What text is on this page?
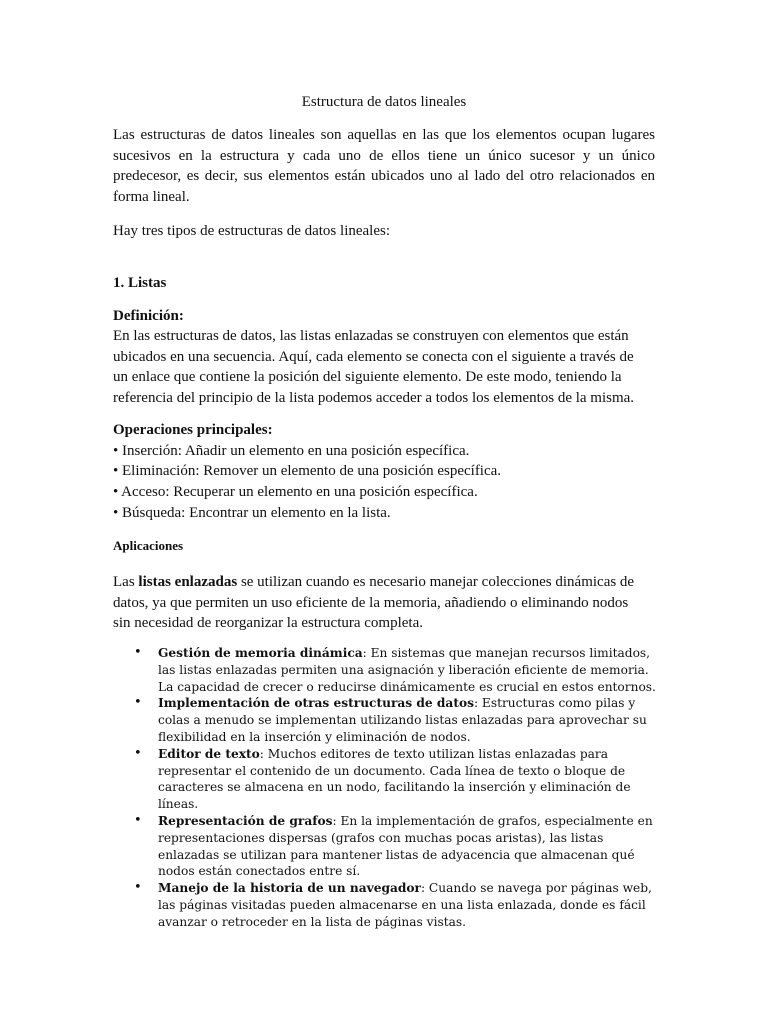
Estructura de datos lineales
Las estructuras de datos lineales son aquellas en las que los elementos ocupan lugares sucesivos en la estructura y cada uno de ellos tiene un único sucesor y un único predecesor, es decir, sus elementos están ubicados uno al lado del otro relacionados en forma lineal.
Hay tres tipos de estructuras de datos lineales:
1. Listas
Definición:
En las estructuras de datos, las listas enlazadas se construyen con elementos que están ubicados en una secuencia. Aquí, cada elemento se conecta con el siguiente a través de un enlace que contiene la posición del siguiente elemento. De este modo, teniendo la referencia del principio de la lista podemos acceder a todos los elementos de la misma.
Operaciones principales:
• Inserción: Añadir un elemento en una posición específica.
• Eliminación: Remover un elemento de una posición específica.
• Acceso: Recuperar un elemento en una posición específica.
• Búsqueda: Encontrar un elemento en la lista.
Aplicaciones
Las listas enlazadas se utilizan cuando es necesario manejar colecciones dinámicas de datos, ya que permiten un uso eficiente de la memoria, añadiendo o eliminando nodos sin necesidad de reorganizar la estructura completa.
• Gestión de memoria dinámica: En sistemas que manejan recursos limitados, las listas enlazadas permiten una asignación y liberación eficiente de memoria. La capacidad de crecer o reducirse dinámicamente es crucial en estos entornos.
• Implementación de otras estructuras de datos: Estructuras como pilas y colas a menudo se implementan utilizando listas enlazadas para aprovechar su flexibilidad en la inserción y eliminación de nodos.
• Editor de texto: Muchos editores de texto utilizan listas enlazadas para representar el contenido de un documento. Cada línea de texto o bloque de caracteres se almacena en un nodo, facilitando la inserción y eliminación de líneas.
• Representación de grafos: En la implementación de grafos, especialmente en representaciones dispersas (grafos con muchas pocas aristas), las listas enlazadas se utilizan para mantener listas de adyacencia que almacenan qué nodos están conectados entre sí.
• Manejo de la historia de un navegador: Cuando se navega por páginas web, las páginas visitadas pueden almacenarse en una lista enlazada, donde es fácil avanzar o retroceder en la lista de páginas vistas.
